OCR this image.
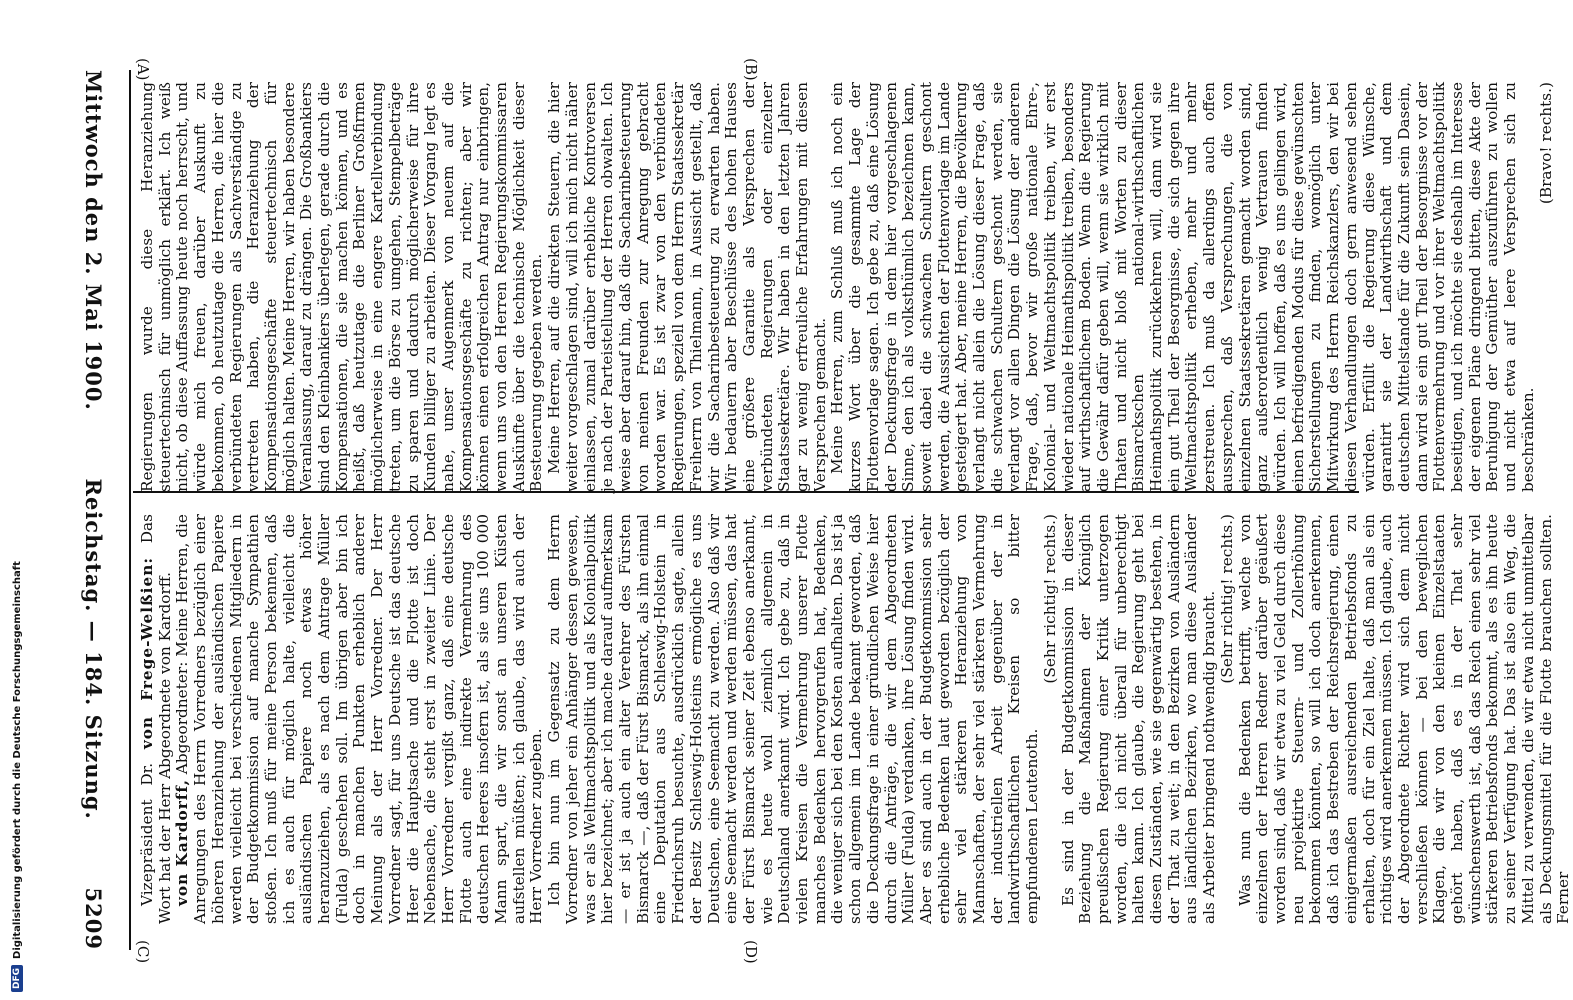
Mittwoch den 2. Mai 1900.
Reichstag. — 184. Sitzung.
5209
(A)	(B)
(C)	(D)

Regierungen wurde diese Heranziehung steuertechnisch für unmöglich erklärt. Ich weiß nicht, ob diese Auffassung heute noch herrscht, und würde mich freuen, darüber Auskunft zu bekommen, ob heutzutage die Herren, die hier die verbündeten Regierungen als Sachverständige zu vertreten haben, die Heranziehung der Kompensationsgeschäfte steuertechnisch für möglich halten. Meine Herren, wir haben besondere Veranlassung, darauf zu drängen. Die Großbankiers sind den Kleinbankiers überlegen, gerade durch die Kompensationen, die sie machen können, und es heißt, daß heutzutage die Berliner Großfirmen möglicherweise in eine engere Kartellverbindung treten, um die Börse zu umgehen, Stempelbeträge zu sparen und dadurch möglicherweise für ihre Kunden billiger zu arbeiten. Dieser Vorgang legt es nahe, unser Augenmerk von neuem auf die Kompensationsgeschäfte zu richten; aber wir können einen erfolgreichen Antrag nur einbringen, wenn uns von den Herren Regierungskommissaren Auskünfte über die technische Möglichkeit dieser Besteuerung gegeben werden. Meine Herren, auf die direkten Steuern, die hier weiter vorgeschlagen sind, will ich mich nicht näher einlassen, zumal darüber erhebliche Kontroversen je nach der Parteistellung der Herren obwalten. Ich weise aber darauf hin, daß die Sacharinbesteuerung von meinen Freunden zur Anregung gebracht worden war. Es ist zwar von den verbündeten Regierungen, speziell von dem Herrn Staatssekretär Freiherrn von Thielmann, in Aussicht gestellt, daß wir die Sacharinbesteuerung zu erwarten haben. Wir bedauern aber Beschlüsse des hohen Hauses eine größere Garantie als Versprechen der verbündeten Regierungen oder einzelner Staatssekretäre. Wir haben in den letzten Jahren gar zu wenig erfreuliche Erfahrungen mit diesen Versprechen gemacht. Meine Herren, zum Schluß muß ich noch ein kurzes Wort über die gesammte Lage der Flottenvorlage sagen. Ich gebe zu, daß eine Lösung der Deckungsfrage in dem hier vorgeschlagenen Sinne, den ich als volksthümlich bezeichnen kann, soweit dabei die schwachen Schultern geschont werden, die Aussichten der Flottenvorlage im Lande gesteigert hat. Aber, meine Herren, die Bevölkerung verlangt nicht allein die Lösung dieser Frage, daß die schwachen Schultern geschont werden, sie verlangt vor allen Dingen die Lösung der anderen Frage, daß, bevor wir große nationale Ehre-, Kolonial- und Weltmachtspolitik treiben, wir erst wieder nationale Heimathspolitik treiben, besonders auf wirthschaftlichem Boden. Wenn die Regierung die Gewähr dafür geben will, wenn sie wirklich mit Thaten und nicht bloß mit Worten zu dieser Bismarckschen national-wirthschaftlichen Heimathspolitik zurückkehren will, dann wird sie ein gut Theil der Besorgnisse, die sich gegen ihre Weltmachtspolitik erheben, mehr und mehr zerstreuen. Ich muß da allerdings auch offen aussprechen, daß Versprechungen, die von einzelnen Staatssekretären gemacht worden sind, ganz außerordentlich wenig Vertrauen finden würden. Ich will hoffen, daß es uns gelingen wird, einen befriedigenden Modus für diese gewünschten Sicherstellungen zu finden, womöglich unter Mitwirkung des Herrn Reichskanzlers, den wir bei diesen Verhandlungen doch gern anwesend sehen würden. Erfüllt die Regierung diese Wünsche, garantirt sie der Landwirthschaft und dem deutschen Mittelstande für die Zukunft sein Dasein, dann wird sie ein gut Theil der Besorgnisse vor der Flottenvermehrung und vor ihrer Weltmachtspolitik beseitigen, und ich möchte sie deshalb im Interesse der eigenen Pläne dringend bitten, diese Akte der Beruhigung der Gemüther auszuführen zu wollen und nicht etwa auf leere Versprechen sich zu beschränken.

(Bravo! rechts.)

Vizepräsident Dr. von Frege-Welßien: Das Wort hat der Herr Abgeordnete von Kardorff. von Kardorff, Abgeordneter: Meine Herren, die Anregungen des Herrn Vorredners bezüglich einer höheren Heranziehung der ausländischen Papiere werden vielleicht bei verschiedenen Mitgliedern in der Budgetkommission auf manche Sympathien stoßen. Ich muß für meine Person bekennen, daß ich es auch für möglich halte, vielleicht die ausländischen Papiere noch etwas höher heranzuziehen, als es nach dem Antrage Müller (Fulda) geschehen soll. Im übrigen aber bin ich doch in manchen Punkten erheblich anderer Meinung als der Herr Vorredner. Der Herr Vorredner sagt, für uns Deutsche ist das deutsche Heer die Hauptsache und die Flotte ist doch Nebensache, die steht erst in zweiter Linie. Der Herr Vorredner vergißt ganz, daß eine deutsche Flotte auch eine indirekte Vermehrung des deutschen Heeres insofern ist, als sie uns 100 000 Mann spart, die wir sonst an unseren Küsten aufstellen müßten; ich glaube, das wird auch der Herr Vorredner zugeben. Ich bin nun im Gegensatz zu dem Herrn Vorredner von jeher ein Anhänger dessen gewesen, was er als Weltmachtspolitik und als Kolonialpolitik hier bezeichnet; aber ich mache darauf aufmerksam — er ist ja auch ein alter Verehrer des Fürsten Bismarck —, daß der Fürst Bismarck, als ihn einmal eine Deputation aus Schleswig-Holstein in Friedrichsruh besuchte, ausdrücklich sagte, allein der Besitz Schleswig-Holsteins ermögliche es uns Deutschen, eine Seemacht zu werden. Also daß wir eine Seemacht werden und werden müssen, das hat der Fürst Bismarck seiner Zeit ebenso anerkannt, wie es heute wohl ziemlich allgemein in Deutschland anerkannt wird. Ich gebe zu, daß in vielen Kreisen die Vermehrung unserer Flotte manches Bedenken hervorgerufen hat, Bedenken, die weniger sich bei den Kosten aufhalten. Das ist ja schon allgemein im Lande bekannt geworden, daß die Deckungsfrage in einer gründlichen Weise hier durch die Anträge, die wir dem Abgeordneten Müller (Fulda) verdanken, ihre Lösung finden wird. Aber es sind auch in der Budgetkommission sehr erhebliche Bedenken laut geworden bezüglich der sehr viel stärkeren Heranziehung von Mannschaften, der sehr viel stärkeren Vermehrung der industriellen Arbeit gegenüber der in landwirthschaftlichen Kreisen so bitter empfundenen Leutenoth.

(Sehr richtig! rechts.) Es sind in der Budgetkommission in dieser Beziehung die Maßnahmen der Königlich preußischen Regierung einer Kritik unterzogen worden, die ich nicht überall für unberechtigt halten kann. Ich glaube, die Regierung geht bei diesen Zuständen, wie sie gegenwärtig bestehen, in der That zu weit; in den Bezirken von Ausländern aus ländlichen Bezirken, wo man diese Ausländer als Arbeiter bringend nothwendig braucht. (Sehr richtig! rechts.) Was nun die Bedenken betrifft, welche von einzelnen der Herren Redner darüber geäußert worden sind, daß wir etwa zu viel Geld durch diese neu projektirte Steuern- und Zollerhöhung bekommen könnten, so will ich doch anerkennen, daß ich das Bestreben der Reichsregierung, einen einigermaßen ausreichenden Betriebsfonds zu erhalten, doch für ein Ziel halte, daß man als ein richtiges wird anerkennen müssen. Ich glaube, auch der Abgeordnete Richter wird sich dem nicht verschließen können — bei den beweglichen Klagen, die wir von den kleinen Einzelstaaten gehört haben, daß es in der That sehr wünschenswerth ist, daß das Reich einen sehr viel stärkeren Betriebsfonds bekommt, als es ihn heute zu seiner Verfügung hat. Das ist also ein Weg, die Mittel zu verwenden, die wir etwa nicht unmittelbar als Deckungsmittel für die Flotte brauchen sollten. Ferner

DFG
Digitalisierung gefördert durch die Deutsche Forschungsgemeinschaft
